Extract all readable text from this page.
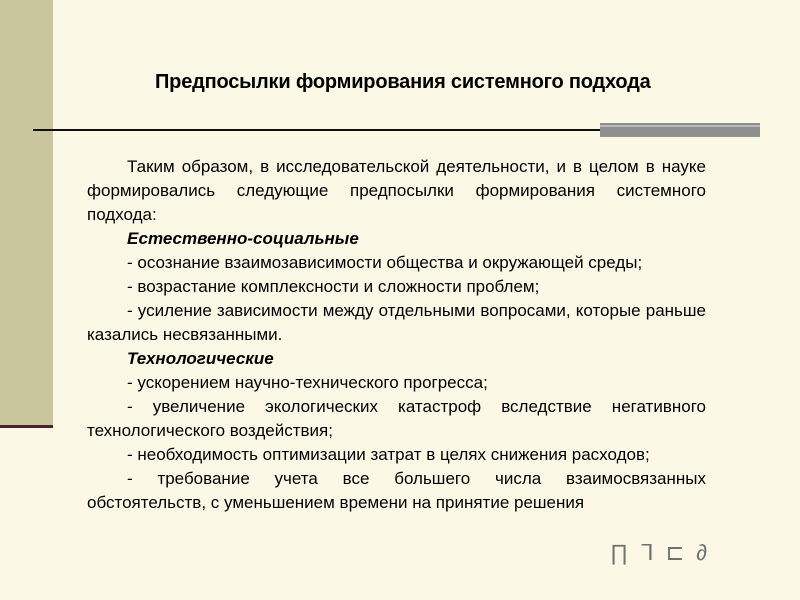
Предпосылки формирования системного подхода

Таким образом, в исследовательской деятельности, и в целом в науке формировались следующие предпосылки формирования системного подхода:

Естественно-социальные

- осознание взаимозависимости общества и окружающей среды;

- возрастание комплексности и сложности проблем;

- усиление зависимости между отдельными вопросами, которые раньше казались несвязанными.

Технологические

- ускорением научно-технического прогресса;

- увеличение экологических катастроф вследствие негативного технологического воздействия;

- необходимость оптимизации затрат в целях снижения расходов;

- требование учета все большего числа взаимосвязанных обстоятельств, с уменьшением времени на принятие решения

∏ ᒣ ⊏ ∂
